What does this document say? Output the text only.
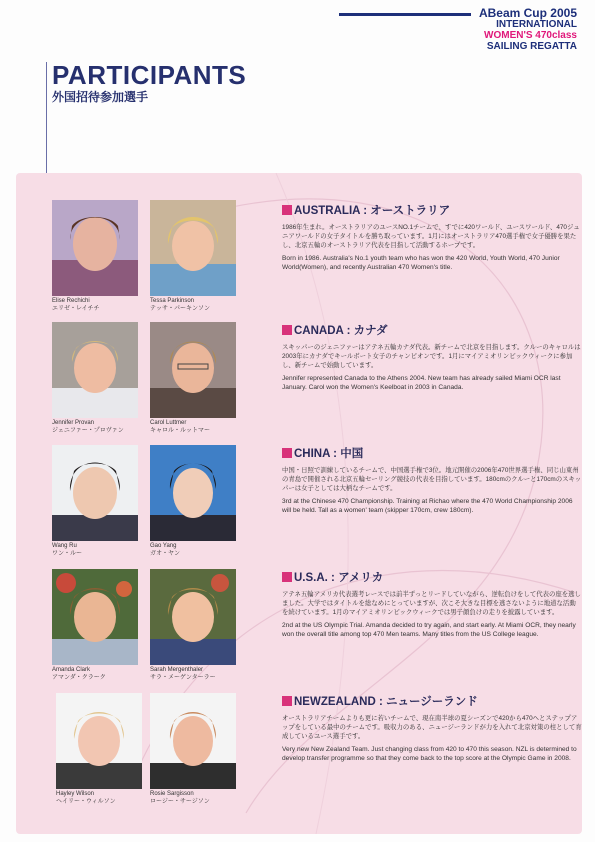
ABeam Cup 2005
INTERNATIONAL
WOMEN'S 470class
SAILING REGATTA
PARTICIPANTS
外国招待参加選手
Elise Rechichi
エリゼ・レイチチ
Tessa Parkinson
テッサ・パーキンソン
AUSTRALIA : オーストラリア
1986年生まれ。オーストラリアのユースNO.1チームで、すでに420ワールド、ユースワールド、470ジュニアワールドの女子タイトルを勝ち取っています。1月にはオーストラリア470選手権で女子優勝を果たし、北京五輪のオーストラリア代表を目指して活動するホープです。
Born in 1986. Australia's No.1 youth team who has won the 420 World, Youth World, 470 Junior World(Women), and recently Australian 470 Women's title.
Jennifer Provan
ジェニファー・プロヴァン
Carol Luttmer
キャロル・ルットマー
CANADA : カナダ
スキッパーのジェニファーはアテネ五輪カナダ代表。新チームで北京を目指します。クルーのキャロルは2003年にカナダでキールボート女子のチャンピオンです。1月にマイアミオリンピックウィークに参加し、新チームで始動しています。
Jennifer represented Canada to the Athens 2004. New team has already sailed Miami OCR last January. Carol won the Women's Keelboat in 2003 in Canada.
Wang Ru
ワン・ルー
Gao Yang
ガオ・ヤン
CHINA : 中国
中国・日照で訓練しているチームで、中国選手権で3位。地元開催の2006年470世界選手権、同じ山東州の青島で開催される北京五輪セーリング競技の代表を目指しています。180cmのクルーと170cmのスキッパーは女子としては大柄なチームです。
3rd at the Chinese 470 Championship. Training at Richao where the 470 World Championship 2006 will be held. Tall as a women' team (skipper 170cm, crew 180cm).
Amanda Clark
アマンダ・クラーク
Sarah Mergenthaler
サラ・メーゲンターラー
U.S.A. : アメリカ
アテネ五輪アメリカ代表選考レースでは前半ずっとリードしていながら、逆転負けをして代表の座を逃しました。大学ではタイトルを総なめにとっていますが、次こそ大きな目標を逃さないように地道な活動を続けています。1月のマイアミオリンピックウィークでは男子顔負けの走りを披露しています。
2nd at the US Olympic Trial. Amanda decided to try again, and start early. At Miami OCR, they nearly won the overall title among top 470 Men teams. Many titles from the US College league.
Hayley Wilson
ヘイリー・ウィルソン
Rosie Sargisson
ロージー・サージソン
NEWZEALAND : ニュージーランド
オーストラリアチームよりも更に若いチームで、現在南半球の夏シーズンで420から470へとステップアップをしている最中のチームです。吸収力のある、ニュージーランドが力を入れて北京対策の柱として育成しているユース選手です。
Very new New Zealand Team. Just changing class from 420 to 470 this season. NZL is determined to develop transfer programme so that they come back to the top score at the Olympic Game in 2008.
